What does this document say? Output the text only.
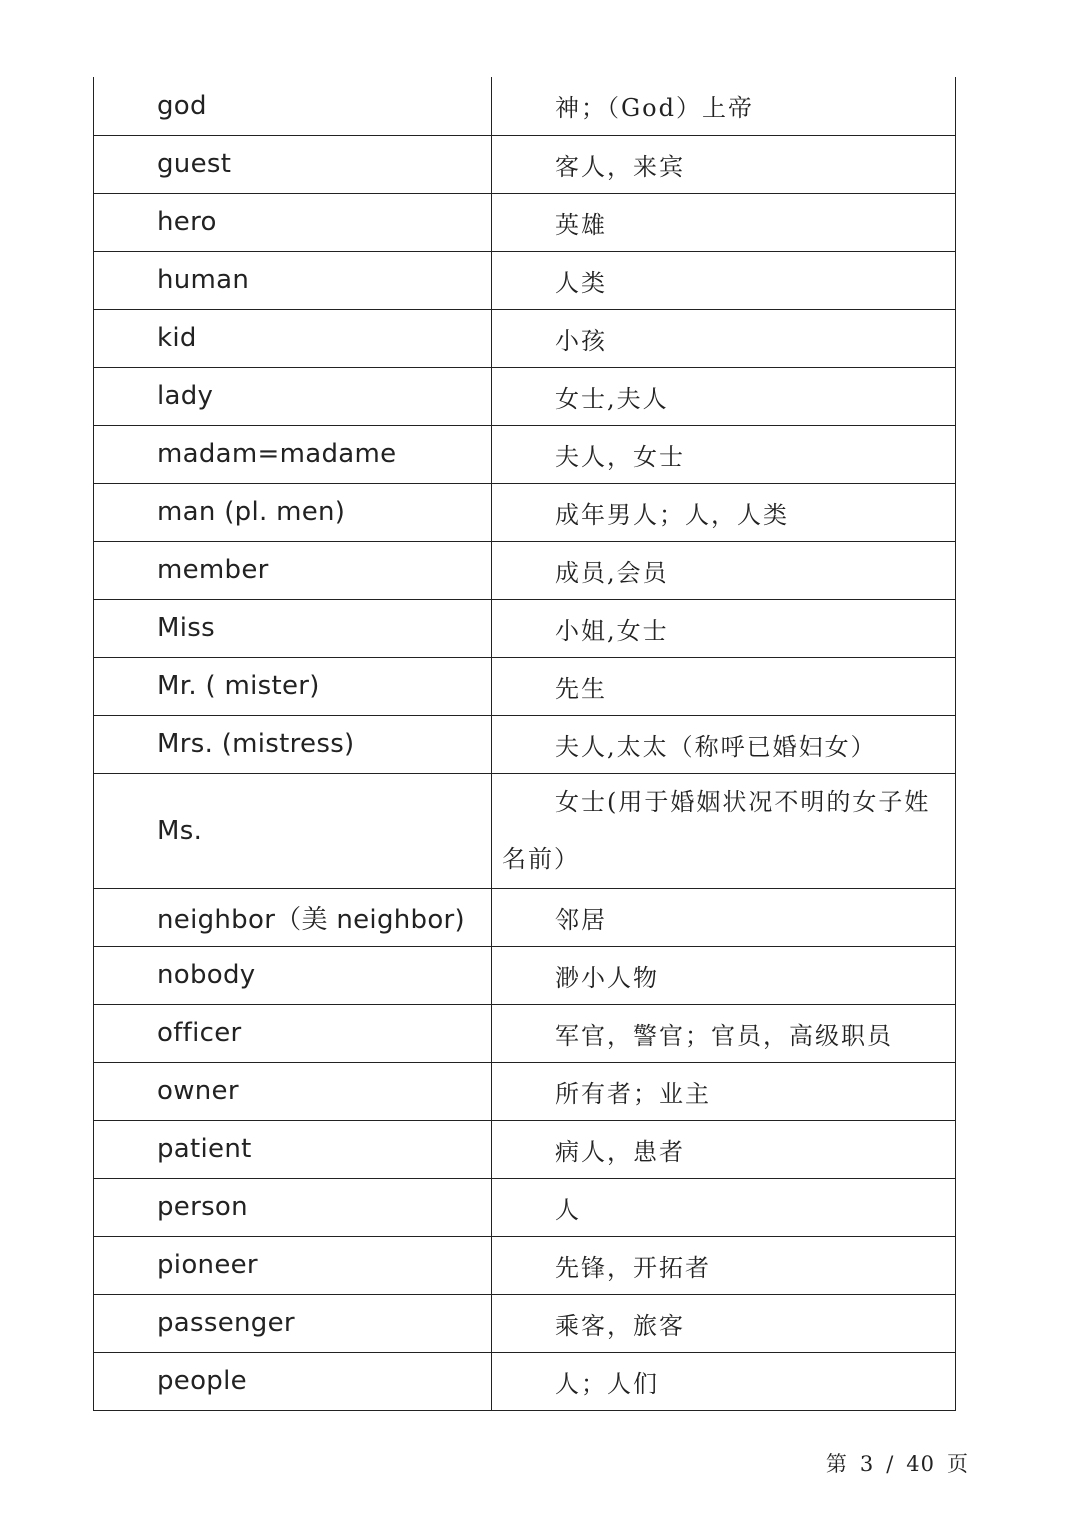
god	神；（God）上帝
guest	客人，来宾
hero	英雄
human	人类
kid	小孩
lady	女士,夫人
madam=madame	夫人，女士
man (pl. men)	成年男人；人，人类
member	成员,会员
Miss	小姐,女士
Mr. ( mister)	先生
Mrs. (mistress)	夫人,太太（称呼已婚妇女）
Ms.	女士(用于婚姻状况不明的女子姓
名前）

neighbor（美 neighbor)	邻居
nobody	渺小人物
officer	军官，警官；官员，高级职员
owner	所有者；业主
patient	病人，患者
person	人
pioneer	先锋，开拓者
passenger	乘客，旅客
people	人；人们
第 3 / 40 页
